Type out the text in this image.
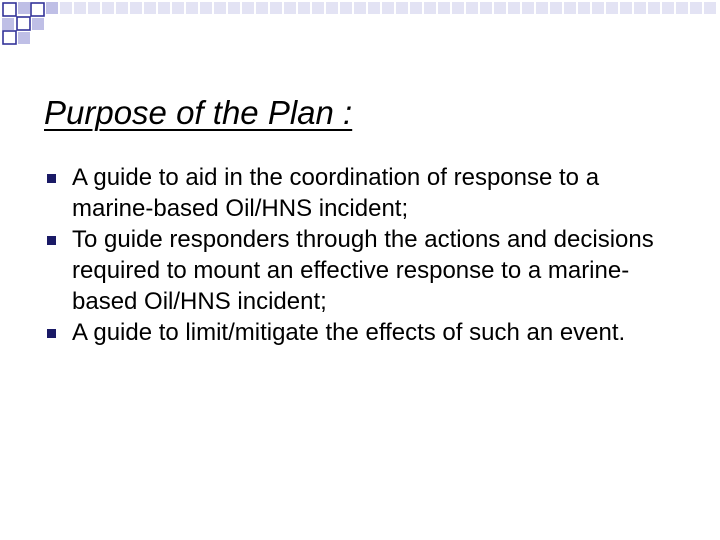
Purpose of the Plan :
A guide to aid in the coordination of response to a marine-based Oil/HNS incident;
To guide responders through the actions and decisions required to mount an effective response to a marine-based Oil/HNS incident;
A guide to limit/mitigate the effects of such an event.
